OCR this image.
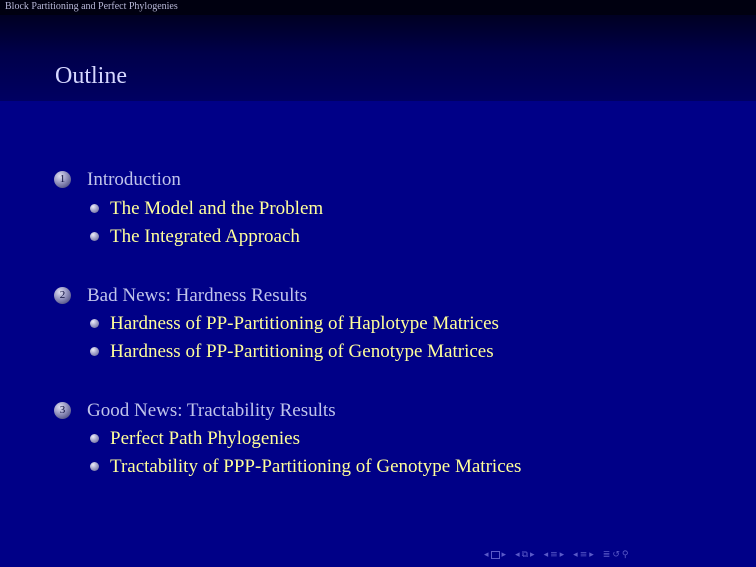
Block Partitioning and Perfect Phylogenies
Outline
1	Introduction
The Model and the Problem
The Integrated Approach
2	Bad News: Hardness Results
Hardness of PP-Partitioning of Haplotype Matrices
Hardness of PP-Partitioning of Genotype Matrices
3	Good News: Tractability Results
Perfect Path Phylogenies
Tractability of PPP-Partitioning of Genotype Matrices
◂ ▸ ◂ ⧉ ▸ ◂ ≡ ▸ ◂ ≡ ▸ ≣ ↺ ⚲
